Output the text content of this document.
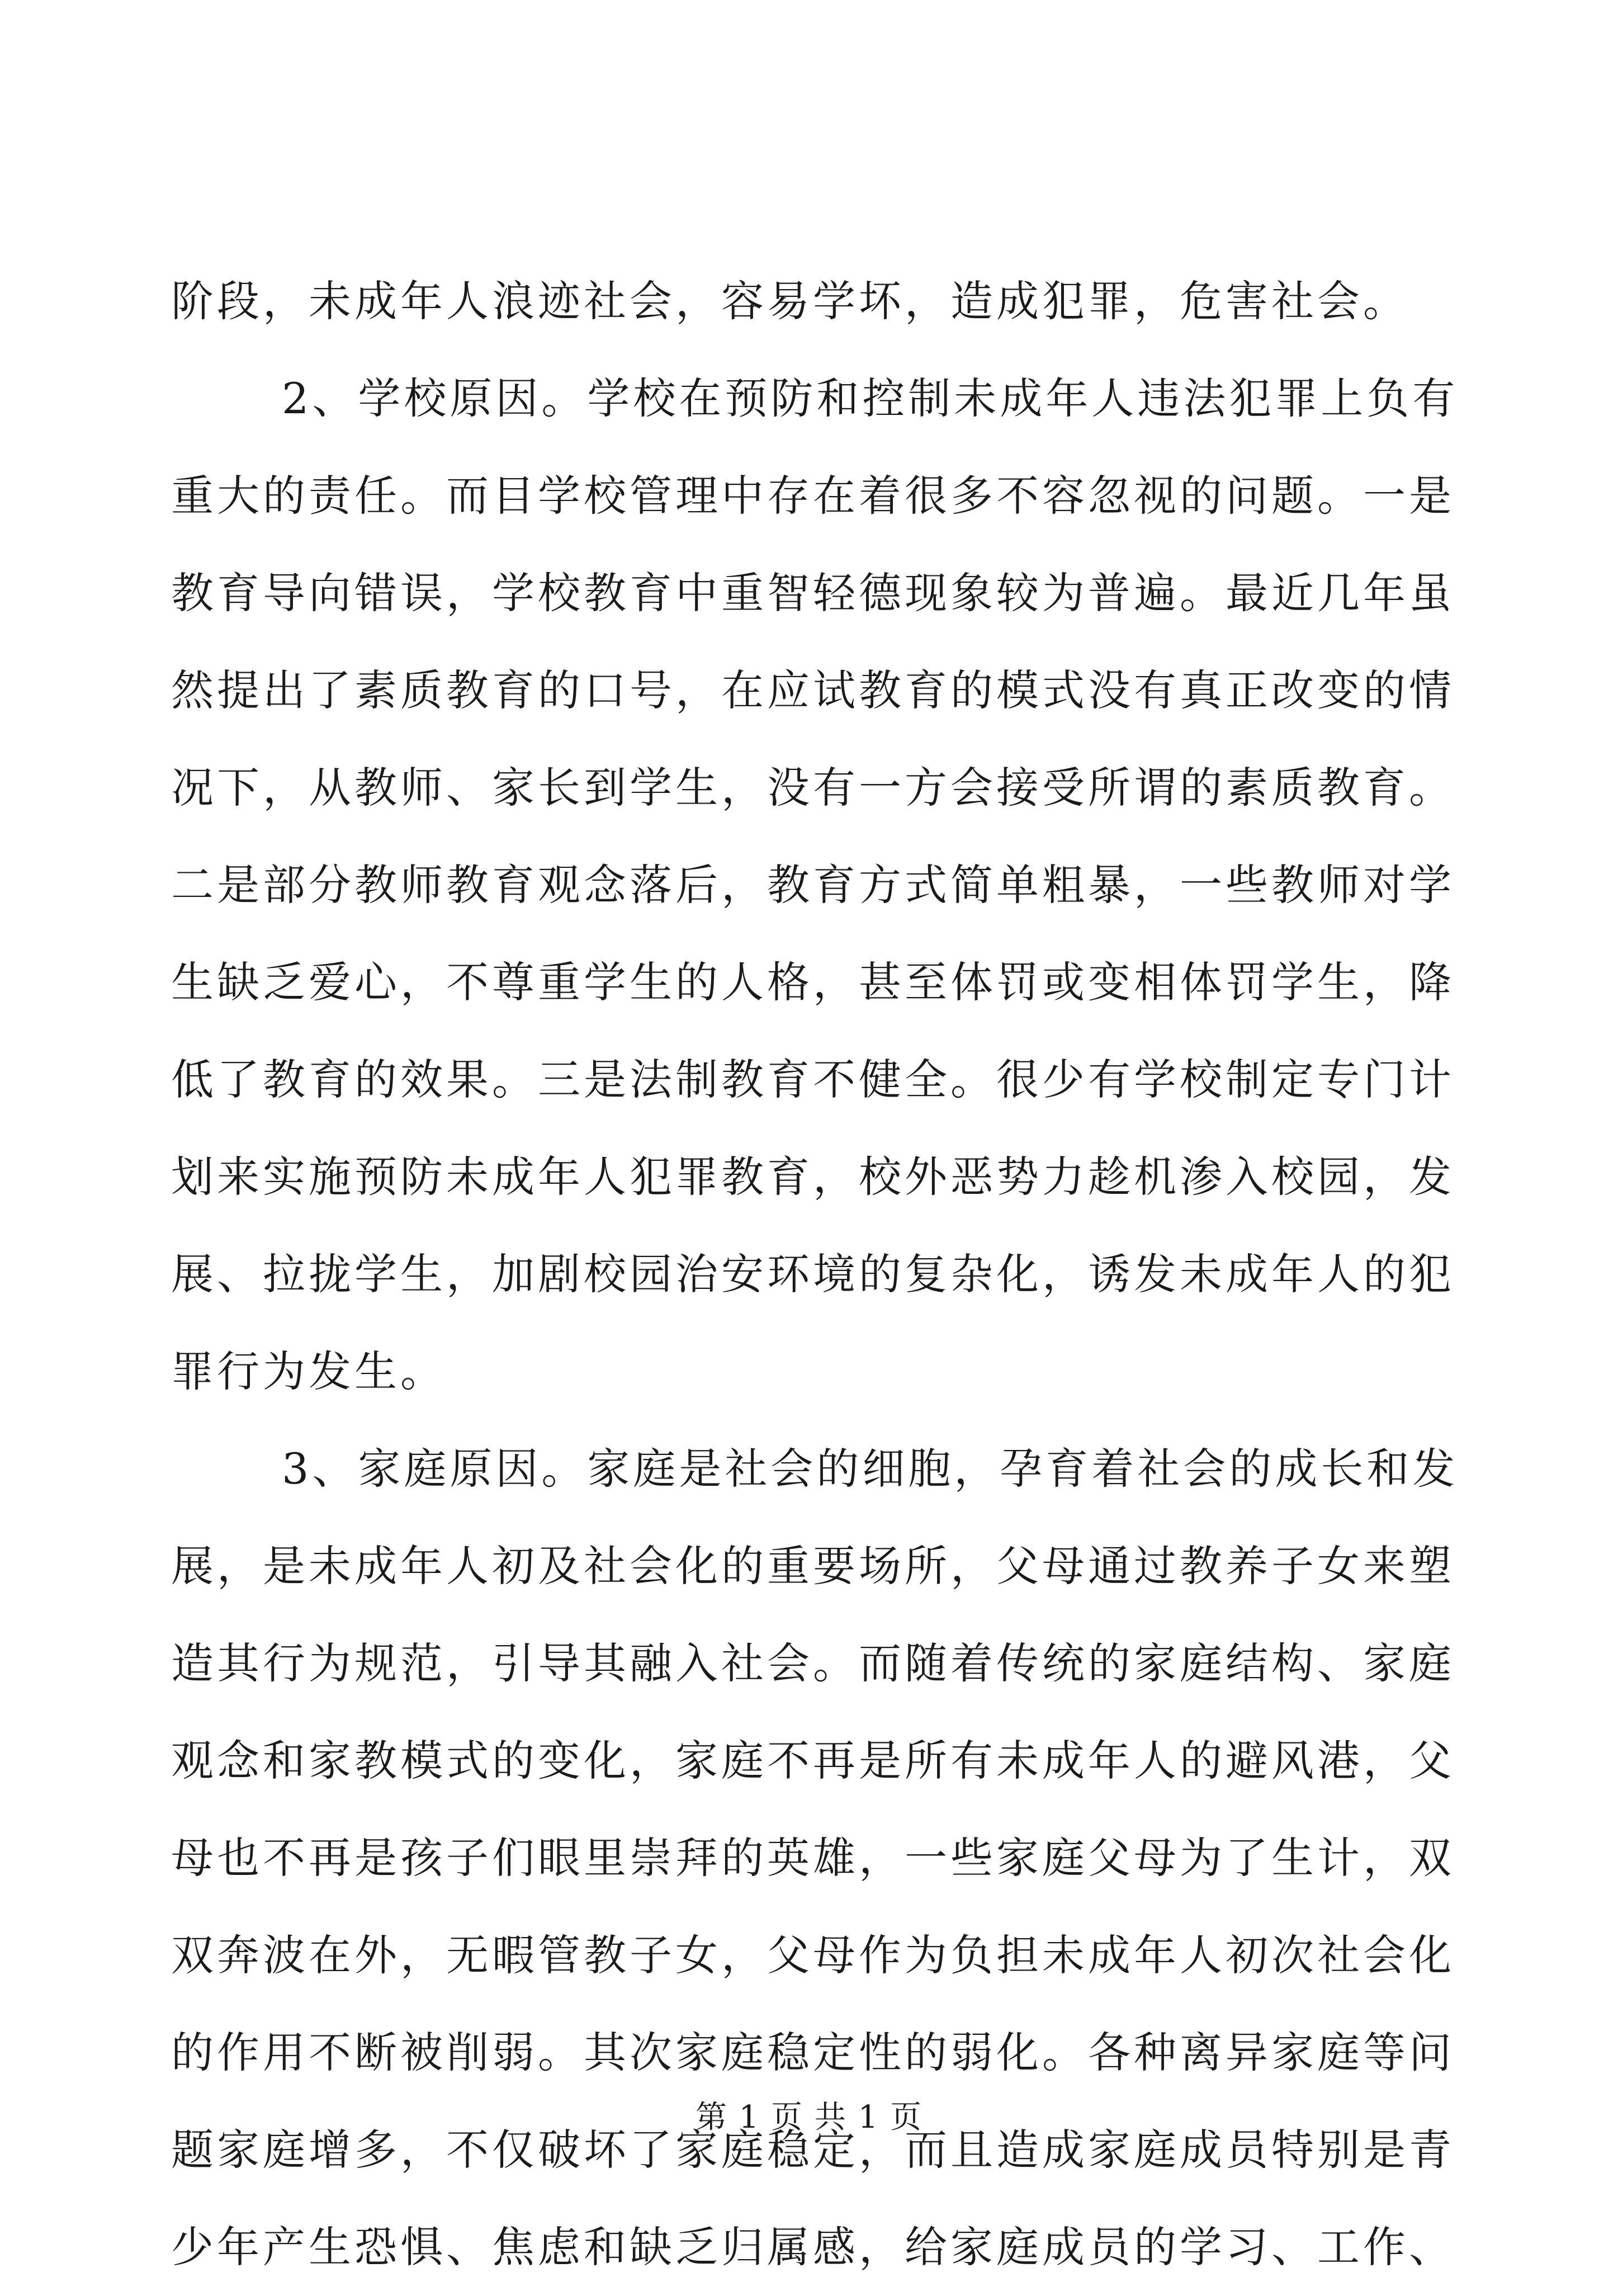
阶段，未成年人浪迹社会，容易学坏，造成犯罪，危害社会。
2、学校原因。学校在预防和控制未成年人违法犯罪上负有
重大的责任。而目学校管理中存在着很多不容忽视的问题。一是
教育导向错误，学校教育中重智轻德现象较为普遍。最近几年虽
然提出了素质教育的口号，在应试教育的模式没有真正改变的情
况下，从教师、家长到学生，没有一方会接受所谓的素质教育。
二是部分教师教育观念落后，教育方式简单粗暴，一些教师对学
生缺乏爱心，不尊重学生的人格，甚至体罚或变相体罚学生，降
低了教育的效果。三是法制教育不健全。很少有学校制定专门计
划来实施预防未成年人犯罪教育，校外恶势力趁机渗入校园，发
展、拉拢学生，加剧校园治安环境的复杂化，诱发未成年人的犯
罪行为发生。
3、家庭原因。家庭是社会的细胞，孕育着社会的成长和发
展，是未成年人初及社会化的重要场所，父母通过教养子女来塑
造其行为规范，引导其融入社会。而随着传统的家庭结构、家庭
观念和家教模式的变化，家庭不再是所有未成年人的避风港，父
母也不再是孩子们眼里崇拜的英雄，一些家庭父母为了生计，双
双奔波在外，无暇管教子女，父母作为负担未成年人初次社会化
的作用不断被削弱。其次家庭稳定性的弱化。各种离异家庭等问
题家庭增多，不仅破坏了家庭稳定，而且造成家庭成员特别是青
少年产生恐惧、焦虑和缺乏归属感，给家庭成员的学习、工作、
第 1 页 共 1 页
